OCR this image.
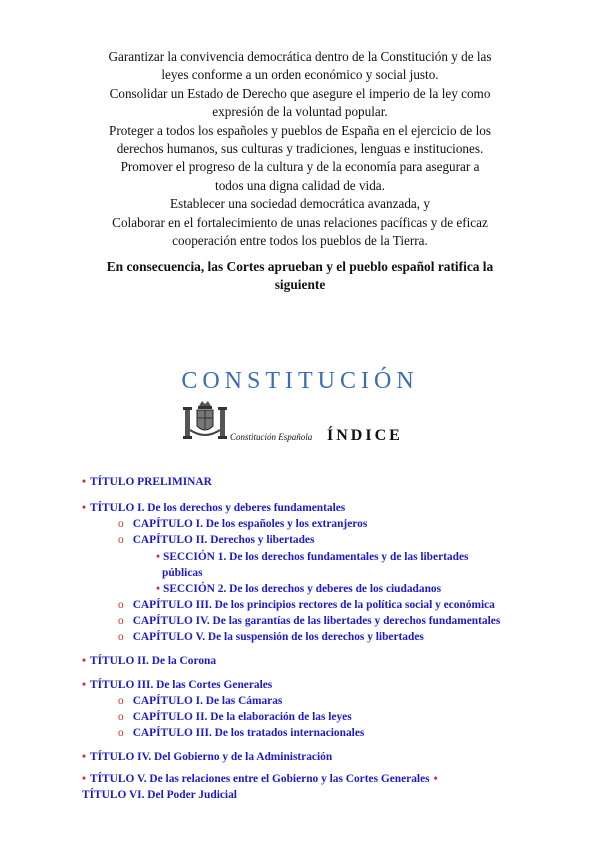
Garantizar la convivencia democrática dentro de la Constitución y de las

leyes conforme a un orden económico y social justo.

Consolidar un Estado de Derecho que asegure el imperio de la ley como

expresión de la voluntad popular.

Proteger a todos los españoles y pueblos de España en el ejercicio de los

derechos humanos, sus culturas y tradiciones, lenguas e instituciones.

Promover el progreso de la cultura y de la economía para asegurar a

todos una digna calidad de vida.

Establecer una sociedad democrática avanzada, y

Colaborar en el fortalecimiento de unas relaciones pacíficas y de eficaz

cooperación entre todos los pueblos de la Tierra.

En consecuencia, las Cortes aprueban y el pueblo español ratifica la
siguiente
CONSTITUCIÓN
Constitución Española ÍNDICE
• TÍTULO PRELIMINAR
• TÍTULO I. De los derechos y deberes fundamentales
o CAPÍTULO I. De los españoles y los extranjeros
o CAPÍTULO II. Derechos y libertades
• SECCIÓN 1. De los derechos fundamentales y de las libertades
públicas
• SECCIÓN 2. De los derechos y deberes de los ciudadanos
o CAPÍTULO III. De los principios rectores de la política social y económica
o CAPÍTULO IV. De las garantías de las libertades y derechos fundamentales
o CAPÍTULO V. De la suspensión de los derechos y libertades
• TÍTULO II. De la Corona
• TÍTULO III. De las Cortes Generales
o CAPÍTULO I. De las Cámaras
o CAPÍTULO II. De la elaboración de las leyes
o CAPÍTULO III. De los tratados internacionales
• TÍTULO IV. Del Gobierno y de la Administración
• TÍTULO V. De las relaciones entre el Gobierno y las Cortes Generales •
TÍTULO VI. Del Poder Judicial
